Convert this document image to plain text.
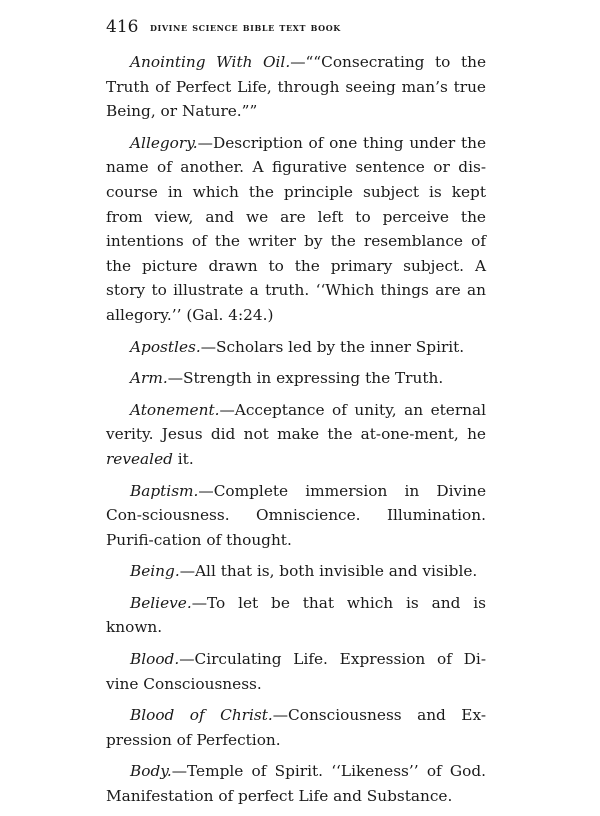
416 divine science bible text book

Anointing With Oil.—““Consecrating to the Truth of Perfect Life, through seeing man’s true Being, or Nature.””

Allegory.—Description of one thing under the name of another. A figurative sentence or dis-course in which the principle subject is kept from view, and we are left to perceive the intentions of the writer by the resemblance of the picture drawn to the primary subject. A story to illustrate a truth. ‘‘Which things are an allegory.’’ (Gal. 4:24.)

Apostles.—Scholars led by the inner Spirit.

Arm.—Strength in expressing the Truth.

Atonement.—Acceptance of unity, an eternal verity. Jesus did not make the at-one-ment, he revealed it.

Baptism.—Complete immersion in Divine Con-sciousness. Omniscience. Illumination. Purifi-cation of thought.

Being.—All that is, both invisible and visible.

Believe.—To let be that which is and is known.

Blood.—Circulating Life. Expression of Di-vine Consciousness.

Blood of Christ.—Consciousness and Ex-pression of Perfection.

Body.—Temple of Spirit. ‘‘Likeness’’ of God. Manifestation of perfect Life and Substance.
